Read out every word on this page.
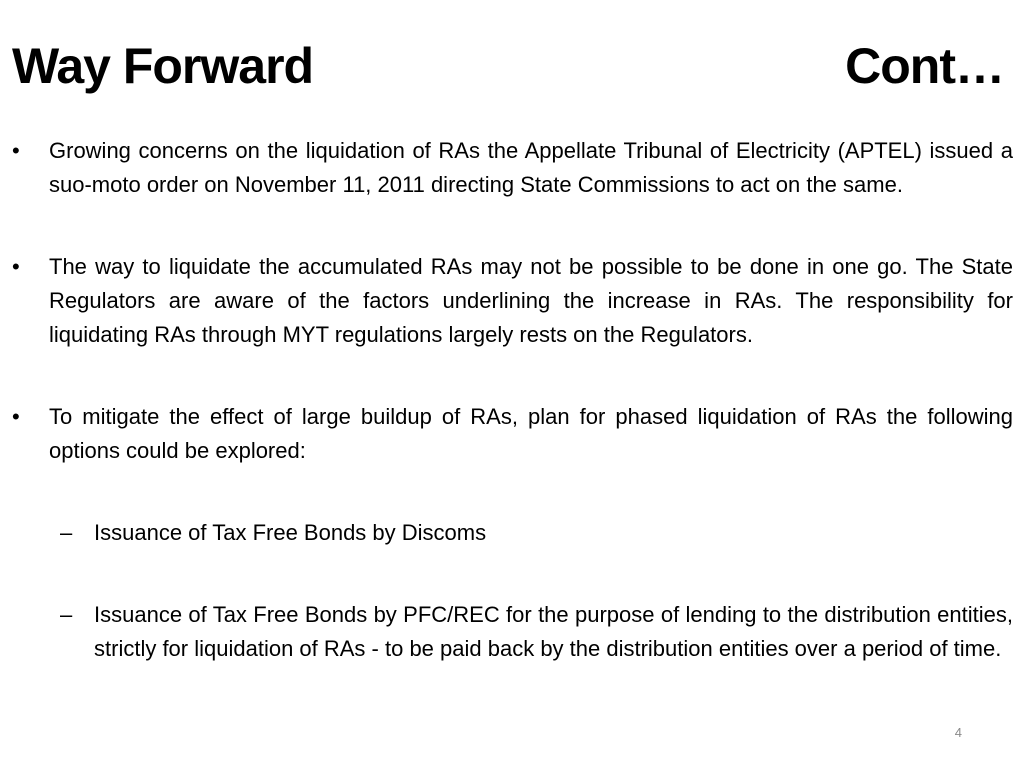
Way Forward	Cont…
•	Growing concerns on the liquidation of RAs the Appellate Tribunal of Electricity (APTEL) issued a suo-moto order on November 11, 2011 directing State Commissions to act on the same.
•	The way to liquidate the accumulated RAs may not be possible to be done in one go. The State Regulators are aware of the factors underlining the increase in RAs. The responsibility for liquidating RAs through MYT regulations largely rests on the Regulators.
•	To mitigate the effect of large buildup of RAs, plan for phased liquidation of RAs the following options could be explored:
– Issuance of Tax Free Bonds by Discoms
– Issuance of Tax Free Bonds by PFC/REC for the purpose of lending to the distribution entities, strictly for liquidation of RAs - to be paid back by the distribution entities over a period of time.
4
